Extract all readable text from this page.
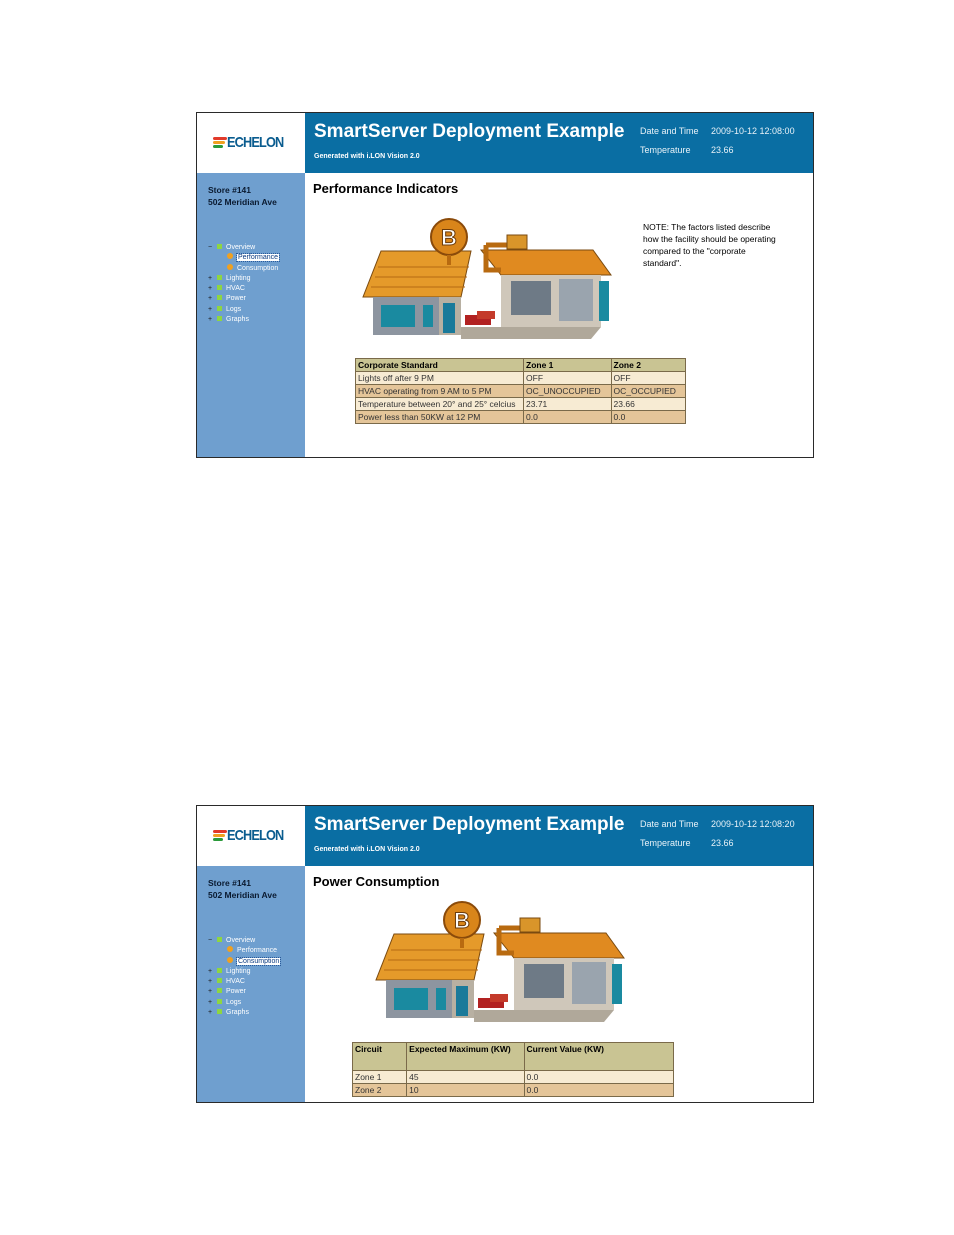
ECHELON
SmartServer Deployment Example
Generated with i.LON Vision 2.0
Date and Time 2009-10-12 12:08:00
Temperature 23.66
Store #141
502 Meridian Ave
− Overview
Performance
Consumption
+ Lighting
+ HVAC
+ Power
+ Logs
+ Graphs
Performance Indicators
B	NOTE: The factors listed describe how the facility should be operating compared to the "corporate standard".
Corporate Standard	Zone 1	Zone 2
Lights off after 9 PM	OFF	OFF
HVAC operating from 9 AM to 5 PM	OC_UNOCCUPIED	OC_OCCUPIED
Temperature between 20° and 25° celcius	23.71	23.66
Power less than 50KW at 12 PM	0.0	0.0
ECHELON
SmartServer Deployment Example
Generated with i.LON Vision 2.0
Date and Time 2009-10-12 12:08:20
Temperature 23.66
Store #141
502 Meridian Ave
− Overview
Performance
Consumption
+ Lighting
+ HVAC
+ Power
+ Logs
+ Graphs
Power Consumption
B
Circuit	Expected Maximum (KW)	Current Value (KW)
Zone 1	45	0.0
Zone 2	10	0.0
